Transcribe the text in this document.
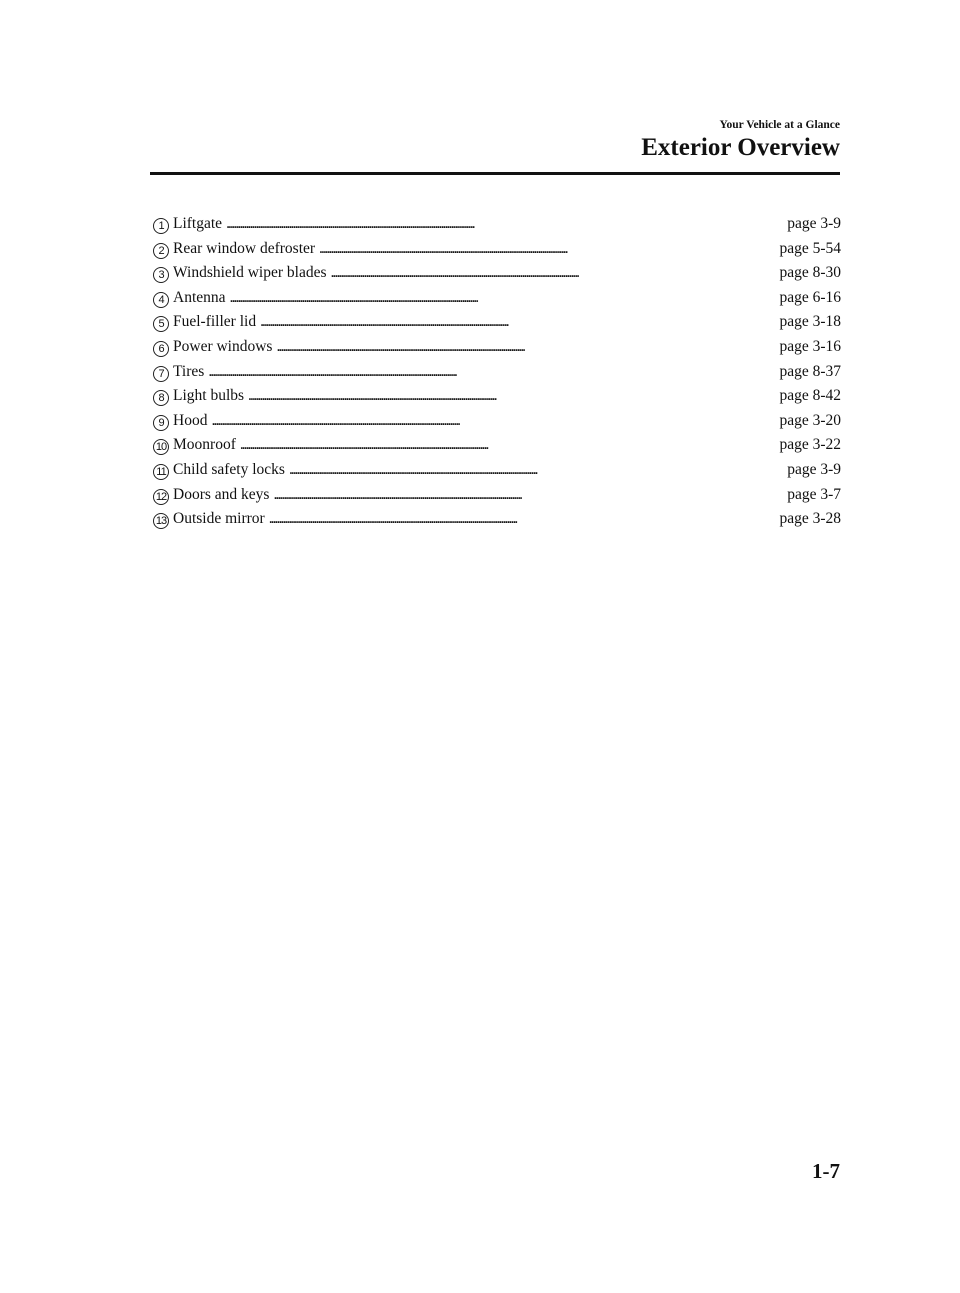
Your Vehicle at a Glance
Exterior Overview
1 Liftgate . . .	page 3-9
2 Rear window defroster . . .	page 5-54
3 Windshield wiper blades . . .	page 8-30
4 Antenna . . .	page 6-16
5 Fuel-filler lid . . .	page 3-18
6 Power windows . . .	page 3-16
7 Tires . . .	page 8-37
8 Light bulbs . . .	page 8-42
9 Hood . . .	page 3-20
10 Moonroof . . .	page 3-22
11 Child safety locks . . .	page 3-9
12 Doors and keys . . .	page 3-7
13 Outside mirror . . .	page 3-28
1-7
